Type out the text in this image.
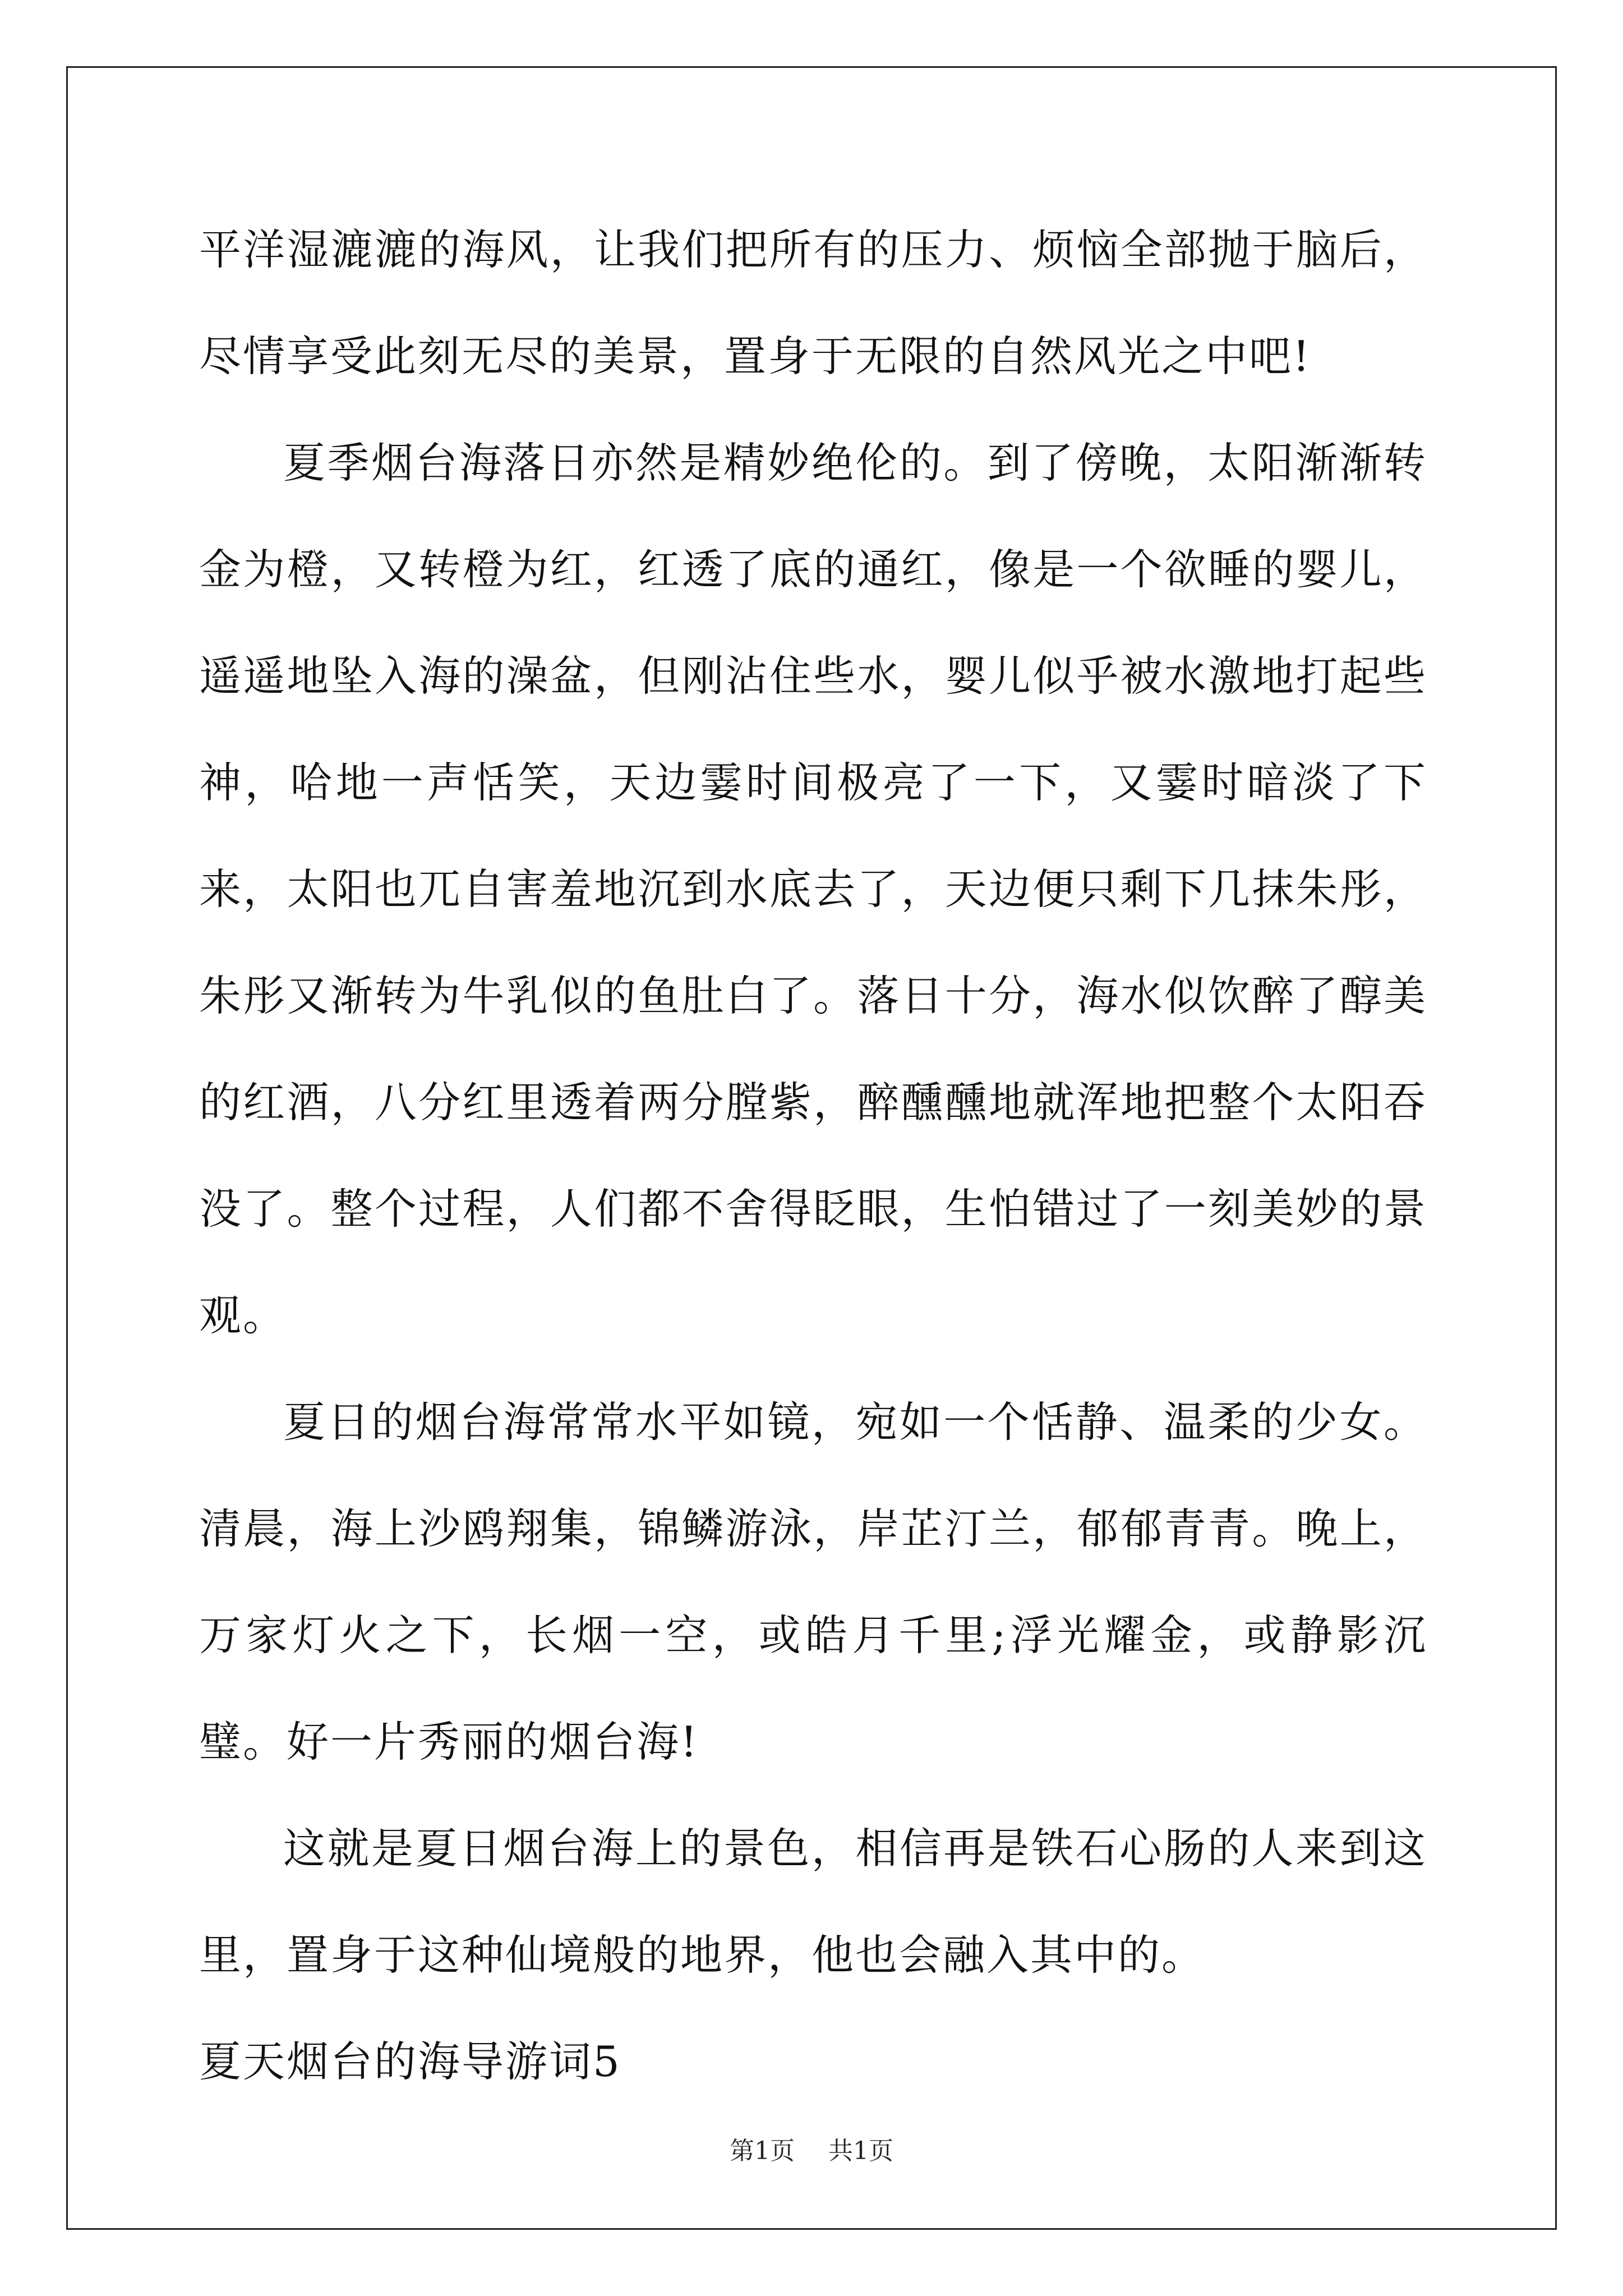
平洋湿漉漉的海风，让我们把所有的压力、烦恼全部抛于脑后，尽情享受此刻无尽的美景，置身于无限的自然风光之中吧!

夏季烟台海落日亦然是精妙绝伦的。到了傍晚，太阳渐渐转金为橙，又转橙为红，红透了底的通红，像是一个欲睡的婴儿，遥遥地坠入海的澡盆，但刚沾住些水，婴儿似乎被水激地打起些神，哈地一声恬笑，天边霎时间极亮了一下，又霎时暗淡了下来，太阳也兀自害羞地沉到水底去了，天边便只剩下几抹朱彤，朱彤又渐转为牛乳似的鱼肚白了。落日十分，海水似饮醉了醇美的红酒，八分红里透着两分膛紫，醉醺醺地就浑地把整个太阳吞没了。整个过程，人们都不舍得眨眼，生怕错过了一刻美妙的景观。

夏日的烟台海常常水平如镜，宛如一个恬静、温柔的少女。清晨，海上沙鸥翔集，锦鳞游泳，岸芷汀兰，郁郁青青。晚上，万家灯火之下，长烟一空，或皓月千里;浮光耀金，或静影沉璧。好一片秀丽的烟台海!

这就是夏日烟台海上的景色，相信再是铁石心肠的人来到这里，置身于这种仙境般的地界，他也会融入其中的。

夏天烟台的海导游词5

第1页 共1页
